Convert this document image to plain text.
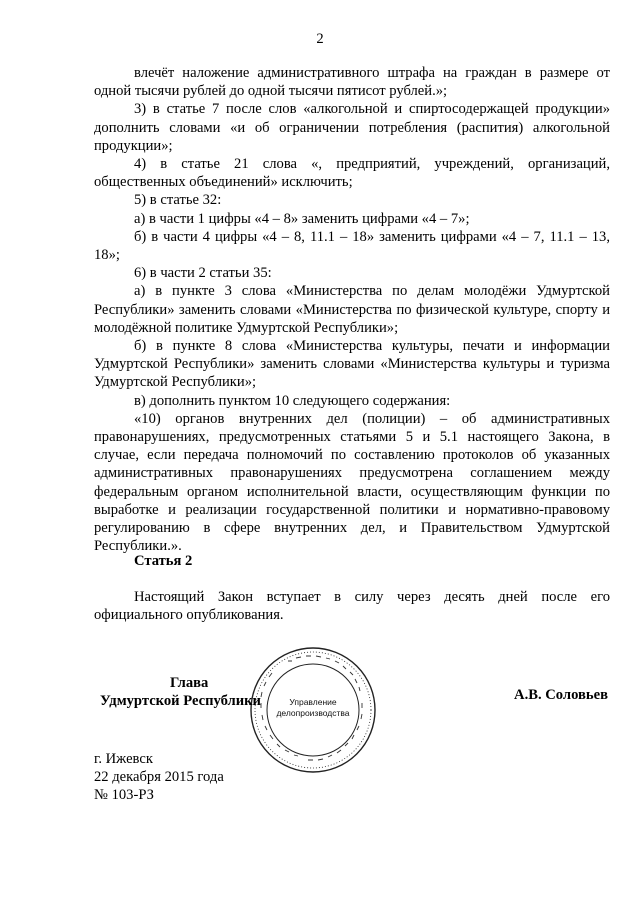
2

влечёт наложение административного штрафа на граждан в размере от одной тысячи рублей до одной тысячи пятисот рублей.»;

3) в статье 7 после слов «алкогольной и спиртосодержащей продукции» дополнить словами «и об ограничении потребления (распития) алкогольной продукции»;

4) в статье 21 слова «, предприятий, учреждений, организаций, общественных объединений» исключить;

5) в статье 32:

а) в части 1 цифры «4 – 8» заменить цифрами «4 – 7»;

б) в части 4 цифры «4 – 8, 11.1 – 18» заменить цифрами «4 – 7, 11.1 – 13, 18»;

6) в части 2 статьи 35:

а) в пункте 3 слова «Министерства по делам молодёжи Удмуртской Республики» заменить словами «Министерства по физической культуре, спорту и молодёжной политике Удмуртской Республики»;

б) в пункте 8 слова «Министерства культуры, печати и информации Удмуртской Республики» заменить словами «Министерства культуры и туризма Удмуртской Республики»;

в) дополнить пунктом 10 следующего содержания:

«10) органов внутренних дел (полиции) – об административных правонарушениях, предусмотренных статьями 5 и 5.1 настоящего Закона, в случае, если передача полномочий по составлению протоколов об указанных административных правонарушениях предусмотрена соглашением между федеральным органом исполнительной власти, осуществляющим функции по выработке и реализации государственной политики и нормативно-правовому регулированию в сфере внутренних дел, и Правительством Удмуртской Республики.».

Статья 2

Настоящий Закон вступает в силу через десять дней после его официального опубликования.

Управление
делопроизводства
Глава
Удмуртской Республики	А.В. Соловьев
г. Ижевск
22 декабря 2015 года
№ 103-РЗ
